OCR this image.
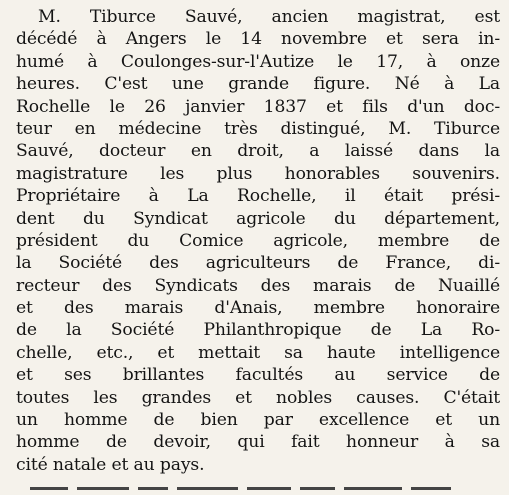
M. Tiburce Sauvé, ancien magistrat, est
décédé à Angers le 14 novembre et sera in-
humé à Coulonges-sur-l'Autize le 17, à onze
heures. C'est une grande figure. Né à La
Rochelle le 26 janvier 1837 et fils d'un doc-
teur en médecine très distingué, M. Tiburce
Sauvé, docteur en droit, a laissé dans la
magistrature les plus honorables souvenirs.
Propriétaire à La Rochelle, il était prési-
dent du Syndicat agricole du département,
président du Comice agricole, membre de
la Société des agriculteurs de France, di-
recteur des Syndicats des marais de Nuaillé
et des marais d'Anais, membre honoraire
de la Société Philanthropique de La Ro-
chelle, etc., et mettait sa haute intelligence
et ses brillantes facultés au service de
toutes les grandes et nobles causes. C'était
un homme de bien par excellence et un
homme de devoir, qui fait honneur à sa
cité natale et au pays.
